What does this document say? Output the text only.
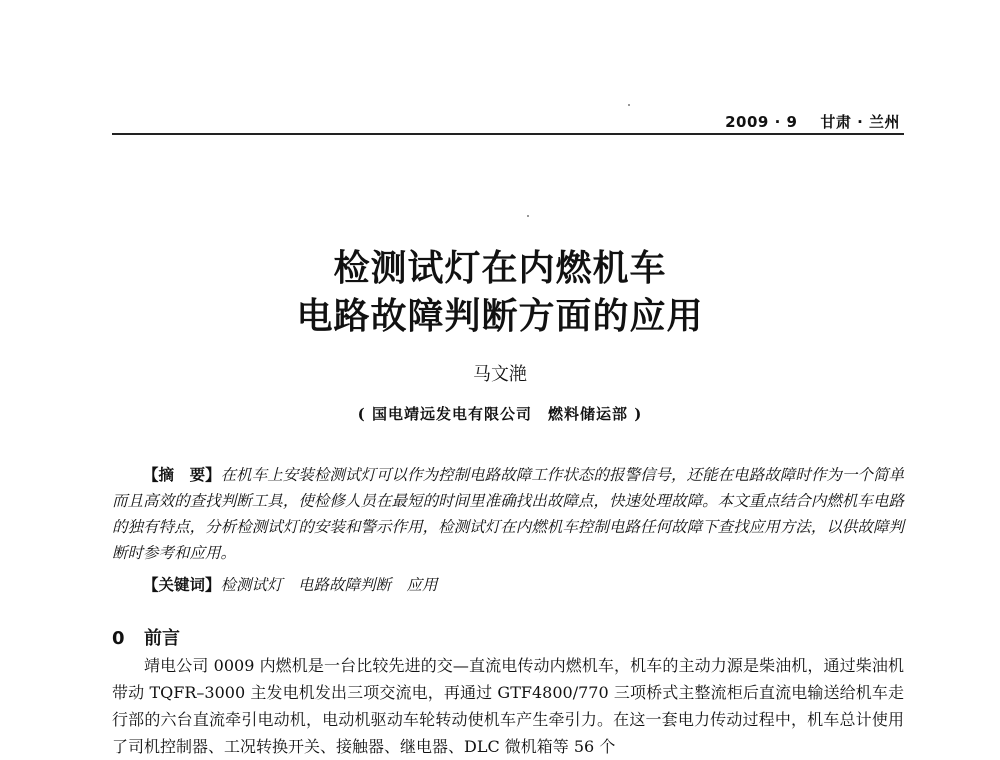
2009 · 9 甘肃 · 兰州
检测试灯在内燃机车
电路故障判断方面的应用
马文滟
( 国电靖远发电有限公司　燃料储运部 )
【摘　要】在机车上安装检测试灯可以作为控制电路故障工作状态的报警信号，还能在电路故障时作为一个简单而且高效的查找判断工具，使检修人员在最短的时间里准确找出故障点，快速处理故障。本文重点结合内燃机车电路的独有特点，分析检测试灯的安装和警示作用，检测试灯在内燃机车控制电路任何故障下查找应用方法，以供故障判断时参考和应用。
【关键词】检测试灯　电路故障判断　应用
0 前言
靖电公司 0009 内燃机是一台比较先进的交—直流电传动内燃机车，机车的主动力源是柴油机，通过柴油机带动 TQFR–3000 主发电机发出三项交流电，再通过 GTF4800/770 三项桥式主整流柜后直流电输送给机车走行部的六台直流牵引电动机，电动机驱动车轮转动使机车产生牵引力。在这一套电力传动过程中，机车总计使用了司机控制器、工况转换开关、接触器、继电器、DLC 微机箱等 56 个
